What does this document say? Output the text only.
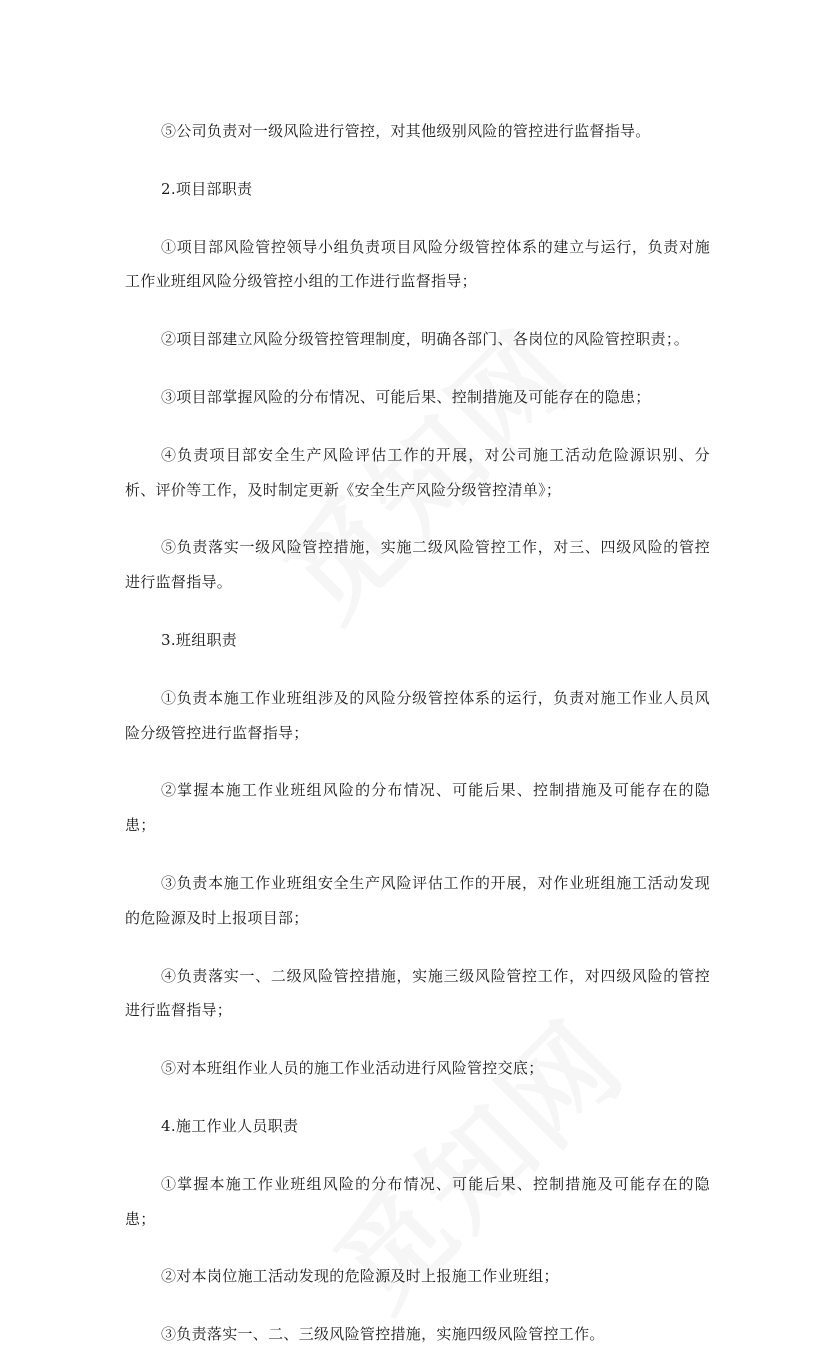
⑤公司负责对一级风险进行管控，对其他级别风险的管控进行监督指导。

2.项目部职责

①项目部风险管控领导小组负责项目风险分级管控体系的建立与运行，负责对施工作业班组风险分级管控小组的工作进行监督指导；

②项目部建立风险分级管控管理制度，明确各部门、各岗位的风险管控职责；。

③项目部掌握风险的分布情况、可能后果、控制措施及可能存在的隐患；

④负责项目部安全生产风险评估工作的开展，对公司施工活动危险源识别、分析、评价等工作，及时制定更新《安全生产风险分级管控清单》；

⑤负责落实一级风险管控措施，实施二级风险管控工作，对三、四级风险的管控进行监督指导。

3.班组职责

①负责本施工作业班组涉及的风险分级管控体系的运行，负责对施工作业人员风险分级管控进行监督指导；

②掌握本施工作业班组风险的分布情况、可能后果、控制措施及可能存在的隐患；

③负责本施工作业班组安全生产风险评估工作的开展，对作业班组施工活动发现的危险源及时上报项目部；

④负责落实一、二级风险管控措施，实施三级风险管控工作，对四级风险的管控进行监督指导；

⑤对本班组作业人员的施工作业活动进行风险管控交底；

4.施工作业人员职责

①掌握本施工作业班组风险的分布情况、可能后果、控制措施及可能存在的隐患；

②对本岗位施工活动发现的危险源及时上报施工作业班组；

③负责落实一、二、三级风险管控措施，实施四级风险管控工作。
